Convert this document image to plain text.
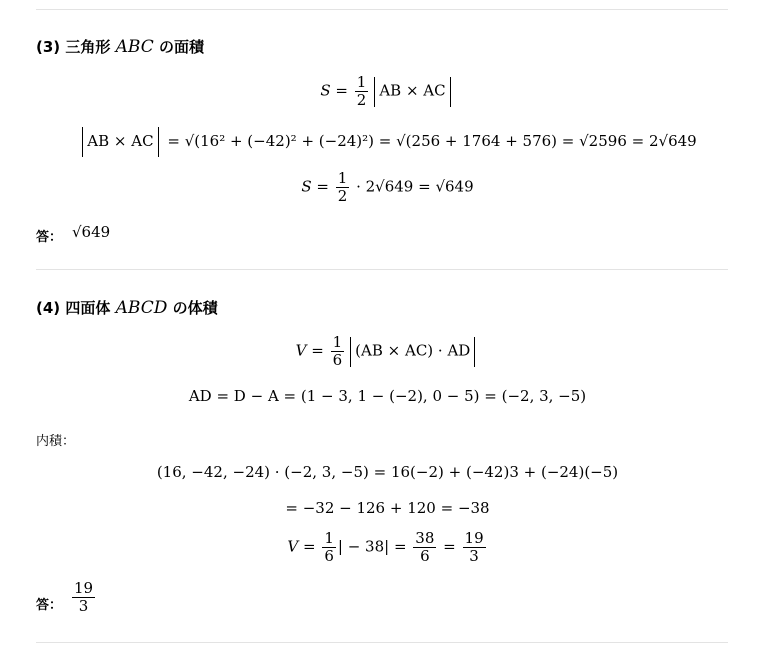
(3) 三角形 ABC の面積
$S = \frac{1}{2}$ AB × AC
AB × AC = √(16² + (−42)² + (−24)²) = √(256 + 1764 + 576) = √2596 = 2√649
$S = \frac{1}{2} \cdot 2√649 = √649$
答： √649
(4) 四面体 ABCD の体積
$V = \frac{1}{6} (AB \times AC)$ · AD
AD = D − A = (1 − 3, 1 − (−2), 0 − 5) = (−2, 3, −5)
内積：
(16, −42, −24) · (−2, 3, −5) = 16(−2) + (−42)3 + (−24)(−5)
= −32 − 126 + 120 = −38
$V = \frac{1}{6}$ | − $38| = \frac{38}{6} = \frac{19}{3}$
答： $\frac{19}{3}$
